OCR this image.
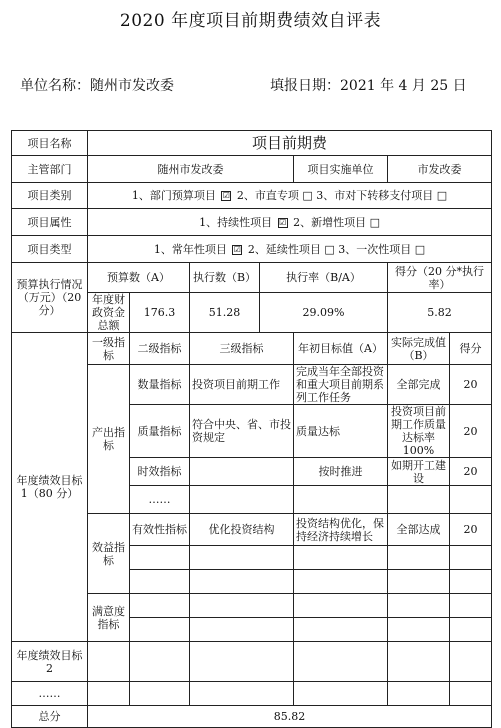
2020 年度项目前期费绩效自评表
单位名称：随州市发改委	填报日期：2021 年 4 月 25 日
项目名称	项目前期费						
主管部门	随州市发改委				项目实施单位	市发改委	
项目类别	1、部门预算项目 ☑ 2、市直专项 □ 3、市对下转移支付项目 □						
项目属性	1、持续性项目 ☑ 2、新增性项目 □						
项目类型	1、常年性项目 ☑ 2、延续性项目 □ 3、一次性项目 □						
预算执行情况（万元）（20 分）	预算数（A）		执行数（B）	执行率（B/A）		得分（20 分*执行率）	
	年度财政资金总额	176.3	51.28	29.09%		5.82	
年度绩效目标 1（80 分）	一级指标	二级指标	三级指标		年初目标值（A）	实际完成值（B）	得分
	产出指标	数量指标	投资项目前期工作		完成当年全部投资和重大项目前期系列工作任务	全部完成	20
		质量指标	符合中央、省、市投资规定		质量达标	投资项目前期工作质量达标率 100%	20
		时效指标			按时推进	如期开工建设	20
		……					
	效益指标	有效性指标	优化投资结构		投资结构优化，保持经济持续增长	全部达成	20

	满意度指标						

年度绩效目标 2							
……							
总分	85.82						
